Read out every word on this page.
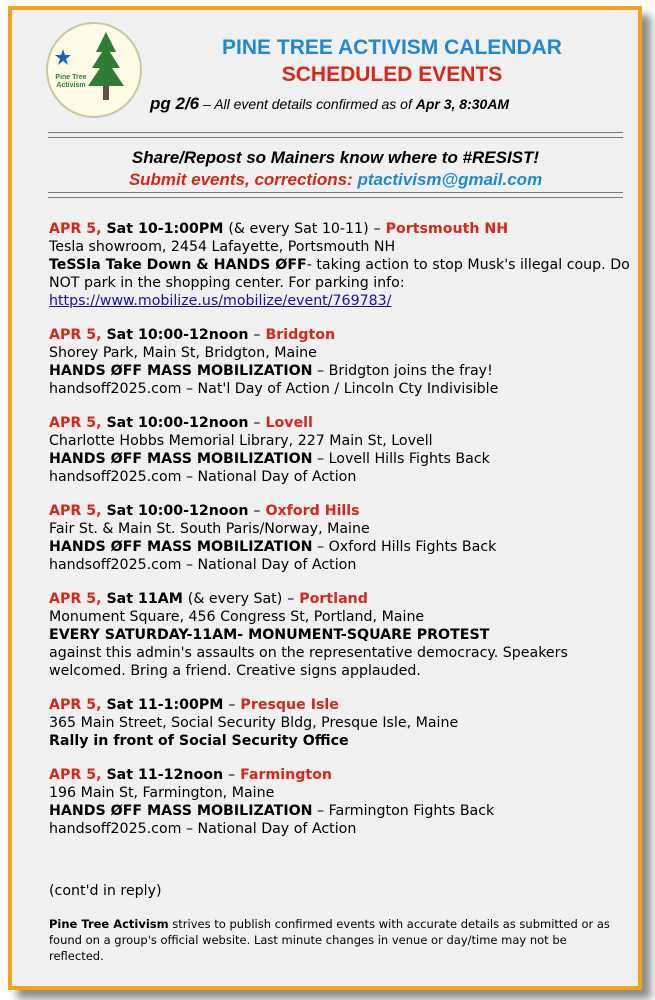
Pine Tree Activism
PINE TREE ACTIVISM CALENDAR
SCHEDULED EVENTS
pg 2/6 – All event details confirmed as of Apr 3, 8:30AM
Share/Repost so Mainers know where to #RESIST!
Submit events, corrections: ptactivism@gmail.com
APR 5, Sat 10-1:00PM (& every Sat 10-11) – Portsmouth NH
Tesla showroom, 2454 Lafayette, Portsmouth NH
TeSSla Take Down & HANDS ØFF- taking action to stop Musk's illegal coup. Do NOT park in the shopping center. For parking info:
https://www.mobilize.us/mobilize/event/769783/
APR 5, Sat 10:00-12noon – Bridgton
Shorey Park, Main St, Bridgton, Maine
HANDS ØFF MASS MOBILIZATION – Bridgton joins the fray!
handsoff2025.com – Nat'l Day of Action / Lincoln Cty Indivisible
APR 5, Sat 10:00-12noon – Lovell
Charlotte Hobbs Memorial Library, 227 Main St, Lovell
HANDS ØFF MASS MOBILIZATION – Lovell Hills Fights Back
handsoff2025.com – National Day of Action
APR 5, Sat 10:00-12noon – Oxford Hills
Fair St. & Main St. South Paris/Norway, Maine
HANDS ØFF MASS MOBILIZATION – Oxford Hills Fights Back
handsoff2025.com – National Day of Action
APR 5, Sat 11AM (& every Sat) – Portland
Monument Square, 456 Congress St, Portland, Maine
EVERY SATURDAY-11AM- MONUMENT-SQUARE PROTEST
against this admin's assaults on the representative democracy. Speakers welcomed. Bring a friend. Creative signs applauded.
APR 5, Sat 11-1:00PM – Presque Isle
365 Main Street, Social Security Bldg, Presque Isle, Maine
Rally in front of Social Security Office
APR 5, Sat 11-12noon – Farmington
196 Main St, Farmington, Maine
HANDS ØFF MASS MOBILIZATION – Farmington Fights Back
handsoff2025.com – National Day of Action
(cont'd in reply)
Pine Tree Activism strives to publish confirmed events with accurate details as submitted or as found on a group's official website. Last minute changes in venue or day/time may not be reflected.
